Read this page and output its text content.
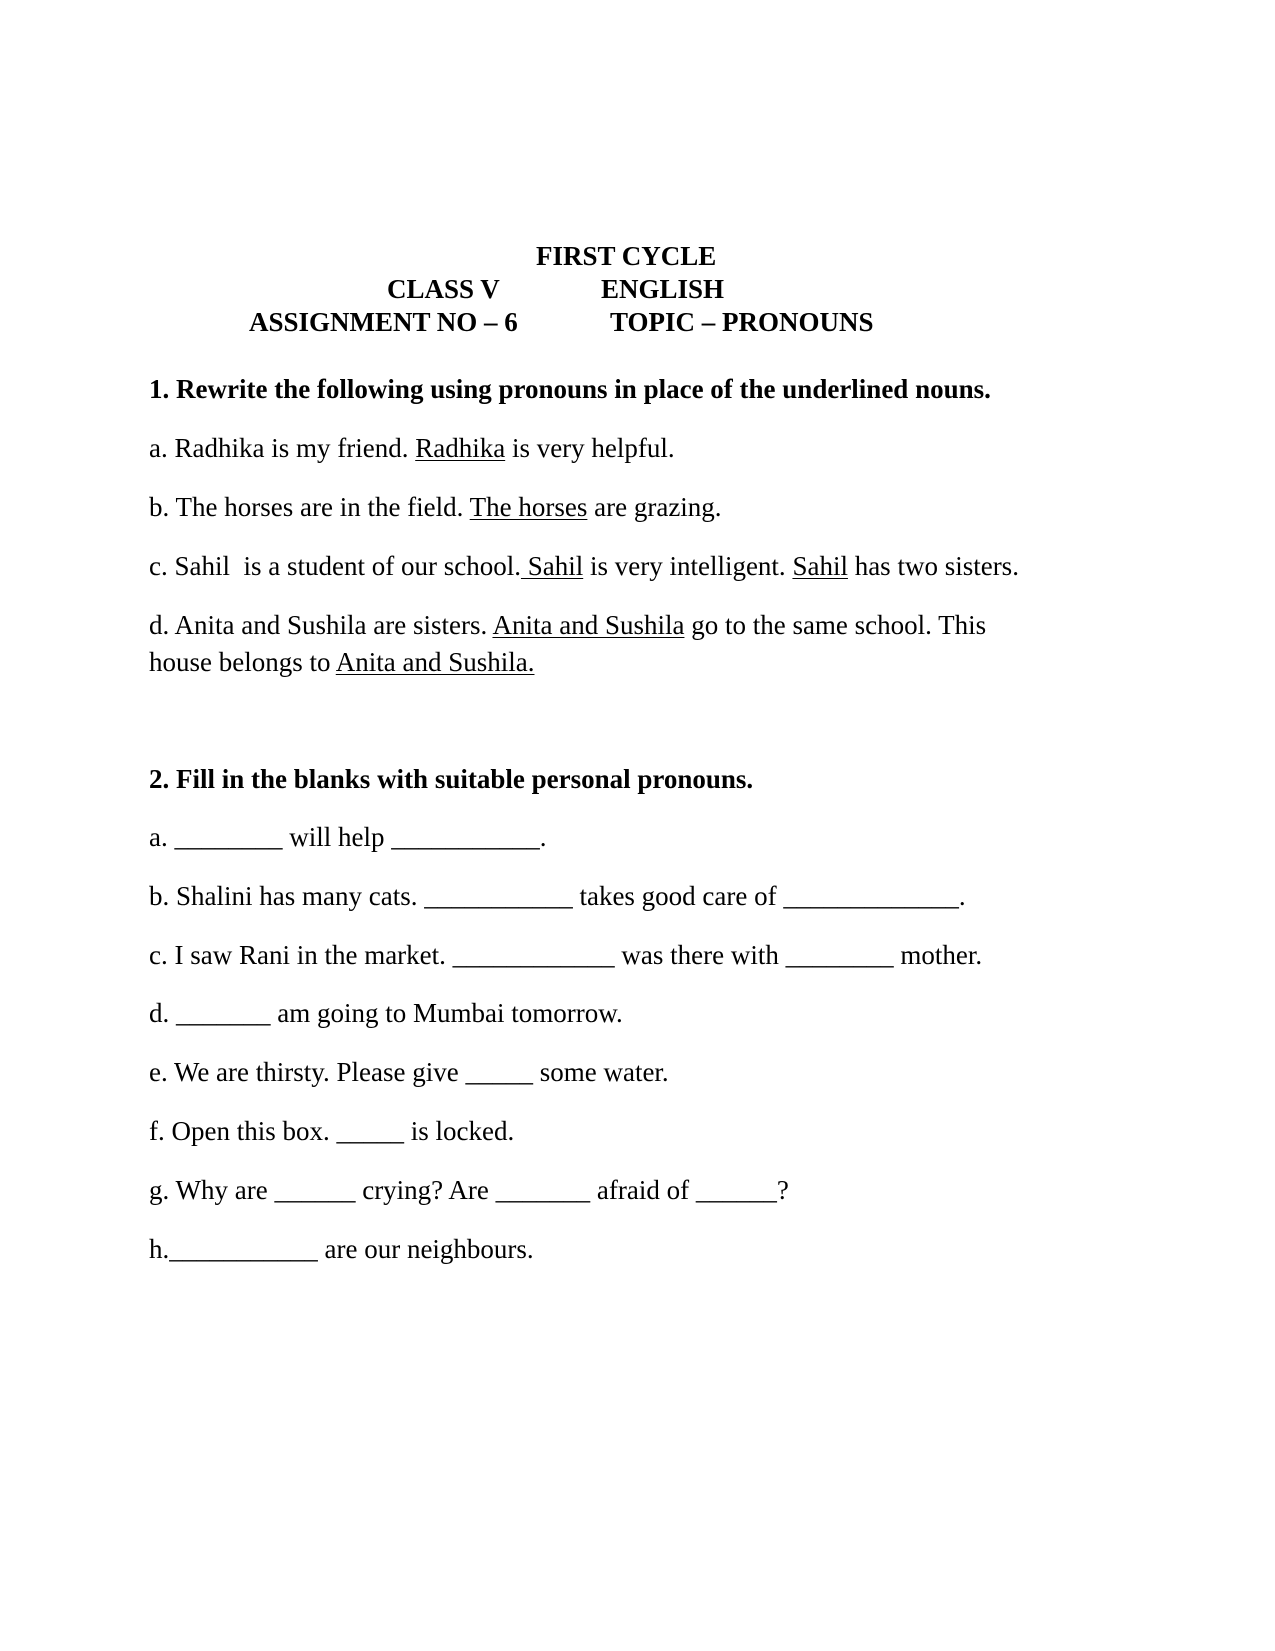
FIRST CYCLE
CLASS V	ENGLISH
ASSIGNMENT NO – 6	TOPIC – PRONOUNS
1. Rewrite the following using pronouns in place of the underlined nouns.
a. Radhika is my friend. Radhika is very helpful.
b. The horses are in the field. The horses are grazing.
c. Sahil  is a student of our school. Sahil is very intelligent. Sahil has two sisters.
d. Anita and Sushila are sisters. Anita and Sushila go to the same school. This
house belongs to Anita and Sushila.
2. Fill in the blanks with suitable personal pronouns.
a. ________ will help ___________.
b. Shalini has many cats. ___________ takes good care of _____________.
c. I saw Rani in the market. ____________ was there with ________ mother.
d. _______ am going to Mumbai tomorrow.
e. We are thirsty. Please give _____ some water.
f. Open this box. _____ is locked.
g. Why are ______ crying? Are _______ afraid of ______?
h.___________ are our neighbours.
